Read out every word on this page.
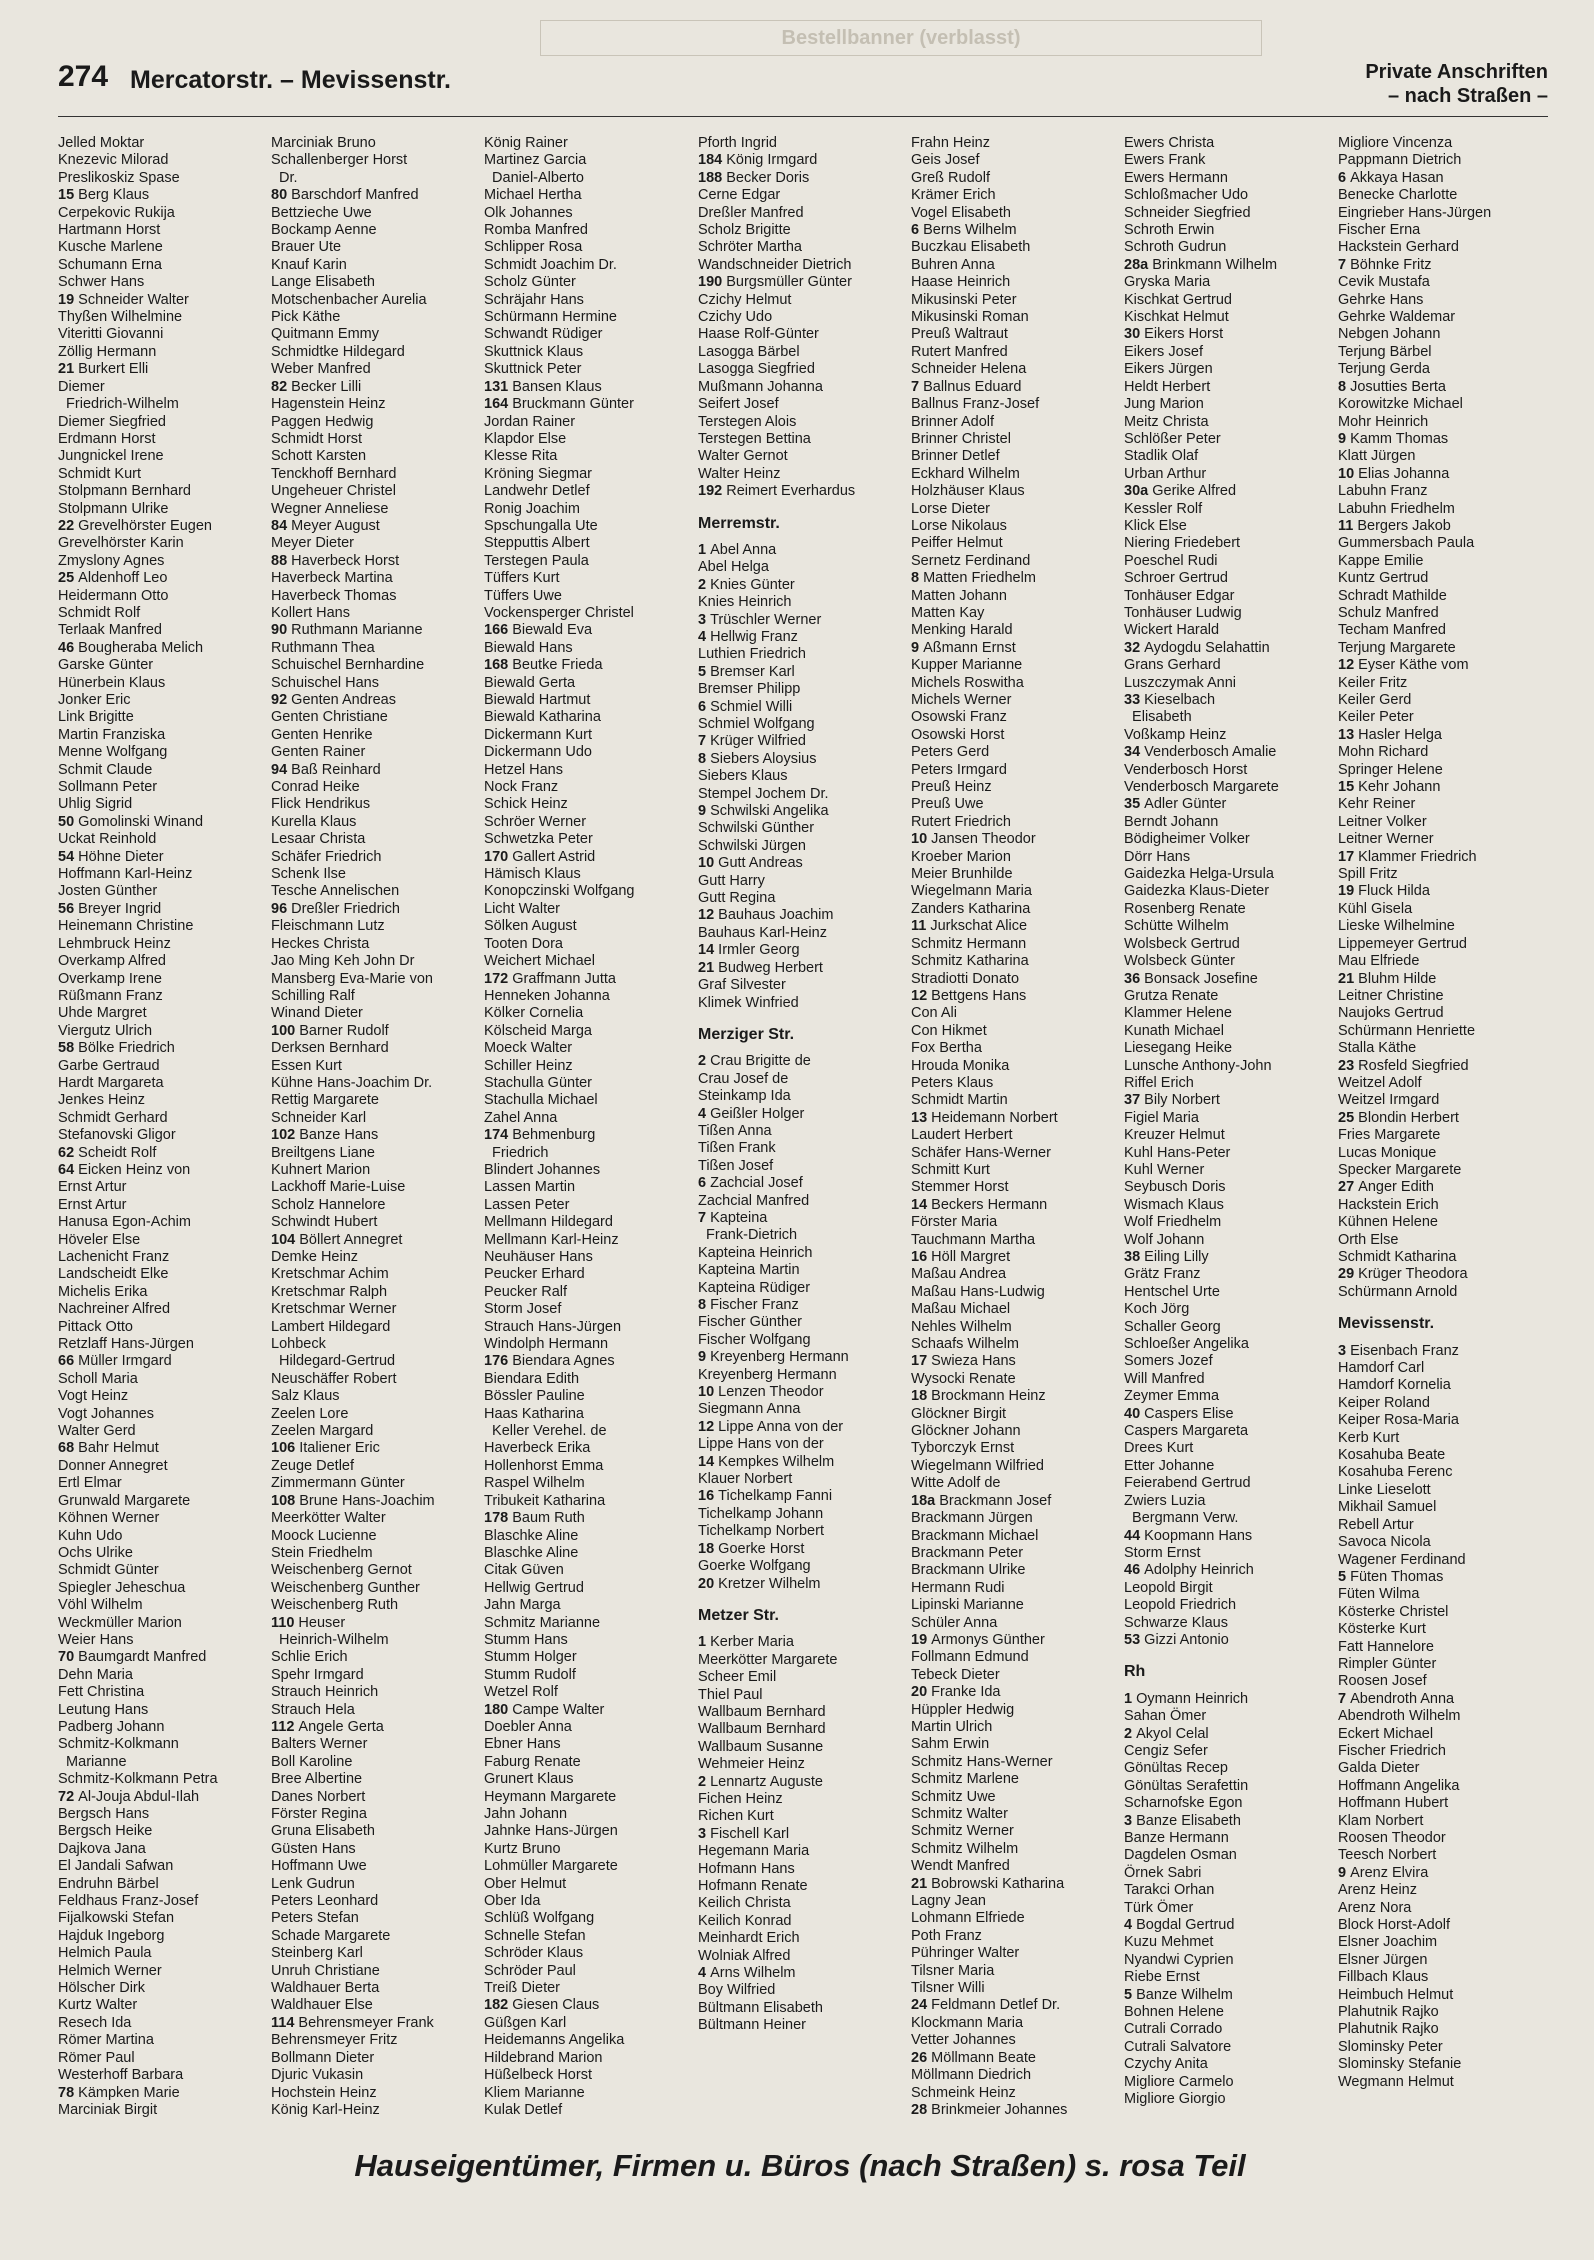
Bestellbanner (verblasst)
274 Mercatorstr. – Mevissenstr.	Private Anschriften
– nach Straßen –
Jelled Moktar
Knezevic Milorad
Preslikoskiz Spase
15 Berg Klaus
Cerpekovic Rukija
Hartmann Horst
Kusche Marlene
Schumann Erna
Schwer Hans
19 Schneider Walter
Thyßen Wilhelmine
Viteritti Giovanni
Zöllig Hermann
21 Burkert Elli
Diemer
Friedrich-Wilhelm
Diemer Siegfried
Erdmann Horst
Jungnickel Irene
Schmidt Kurt
Stolpmann Bernhard
Stolpmann Ulrike
22 Grevelhörster Eugen
Grevelhörster Karin
Zmyslony Agnes
25 Aldenhoff Leo
Heidermann Otto
Schmidt Rolf
Terlaak Manfred
46 Bougheraba Melich
Garske Günter
Hünerbein Klaus
Jonker Eric
Link Brigitte
Martin Franziska
Menne Wolfgang
Schmit Claude
Sollmann Peter
Uhlig Sigrid
50 Gomolinski Winand
Uckat Reinhold
54 Höhne Dieter
Hoffmann Karl-Heinz
Josten Günther
56 Breyer Ingrid
Heinemann Christine
Lehmbruck Heinz
Overkamp Alfred
Overkamp Irene
Rüßmann Franz
Uhde Margret
Viergutz Ulrich
58 Bölke Friedrich
Garbe Gertraud
Hardt Margareta
Jenkes Heinz
Schmidt Gerhard
Stefanovski Gligor
62 Scheidt Rolf
64 Eicken Heinz von
Ernst Artur
Ernst Artur
Hanusa Egon-Achim
Höveler Else
Lachenicht Franz
Landscheidt Elke
Michelis Erika
Nachreiner Alfred
Pittack Otto
Retzlaff Hans-Jürgen
66 Müller Irmgard
Scholl Maria
Vogt Heinz
Vogt Johannes
Walter Gerd
68 Bahr Helmut
Donner Annegret
Ertl Elmar
Grunwald Margarete
Köhnen Werner
Kuhn Udo
Ochs Ulrike
Schmidt Günter
Spiegler Jeheschua
Vöhl Wilhelm
Weckmüller Marion
Weier Hans
70 Baumgardt Manfred
Dehn Maria
Fett Christina
Leutung Hans
Padberg Johann
Schmitz-Kolkmann
Marianne
Schmitz-Kolkmann Petra
72 Al-Jouja Abdul-Ilah
Bergsch Hans
Bergsch Heike
Dajkova Jana
El Jandali Safwan
Endruhn Bärbel
Feldhaus Franz-Josef
Fijalkowski Stefan
Hajduk Ingeborg
Helmich Paula
Helmich Werner
Hölscher Dirk
Kurtz Walter
Resech Ida
Römer Martina
Römer Paul
Westerhoff Barbara
78 Kämpken Marie
Marciniak Birgit
Marciniak Bruno
Schallenberger Horst
Dr.
80 Barschdorf Manfred
Bettzieche Uwe
Bockamp Aenne
Brauer Ute
Knauf Karin
Lange Elisabeth
Motschenbacher Aurelia
Pick Käthe
Quitmann Emmy
Schmidtke Hildegard
Weber Manfred
82 Becker Lilli
Hagenstein Heinz
Paggen Hedwig
Schmidt Horst
Schott Karsten
Tenckhoff Bernhard
Ungeheuer Christel
Wegner Anneliese
84 Meyer August
Meyer Dieter
88 Haverbeck Horst
Haverbeck Martina
Haverbeck Thomas
Kollert Hans
90 Ruthmann Marianne
Ruthmann Thea
Schuischel Bernhardine
Schuischel Hans
92 Genten Andreas
Genten Christiane
Genten Henrike
Genten Rainer
94 Baß Reinhard
Conrad Heike
Flick Hendrikus
Kurella Klaus
Lesaar Christa
Schäfer Friedrich
Schenk Ilse
Tesche Annelischen
96 Dreßler Friedrich
Fleischmann Lutz
Heckes Christa
Jao Ming Keh John Dr
Mansberg Eva-Marie von
Schilling Ralf
Winand Dieter
100 Barner Rudolf
Derksen Bernhard
Essen Kurt
Kühne Hans-Joachim Dr.
Rettig Margarete
Schneider Karl
102 Banze Hans
Breiltgens Liane
Kuhnert Marion
Lackhoff Marie-Luise
Scholz Hannelore
Schwindt Hubert
104 Böllert Annegret
Demke Heinz
Kretschmar Achim
Kretschmar Ralph
Kretschmar Werner
Lambert Hildegard
Lohbeck
Hildegard-Gertrud
Neuschäffer Robert
Salz Klaus
Zeelen Lore
Zeelen Margard
106 Italiener Eric
Zeuge Detlef
Zimmermann Günter
108 Brune Hans-Joachim
Meerkötter Walter
Moock Lucienne
Stein Friedhelm
Weischenberg Gernot
Weischenberg Gunther
Weischenberg Ruth
110 Heuser
Heinrich-Wilhelm
Schlie Erich
Spehr Irmgard
Strauch Heinrich
Strauch Hela
112 Angele Gerta
Balters Werner
Boll Karoline
Bree Albertine
Danes Norbert
Förster Regina
Gruna Elisabeth
Güsten Hans
Hoffmann Uwe
Lenk Gudrun
Peters Leonhard
Peters Stefan
Schade Margarete
Steinberg Karl
Unruh Christiane
Waldhauer Berta
Waldhauer Else
114 Behrensmeyer Frank
Behrensmeyer Fritz
Bollmann Dieter
Djuric Vukasin
Hochstein Heinz
König Karl-Heinz
König Rainer
Martinez Garcia
Daniel-Alberto
Michael Hertha
Olk Johannes
Romba Manfred
Schlipper Rosa
Schmidt Joachim Dr.
Scholz Günter
Schräjahr Hans
Schürmann Hermine
Schwandt Rüdiger
Skuttnick Klaus
Skuttnick Peter
131 Bansen Klaus
164 Bruckmann Günter
Jordan Rainer
Klapdor Else
Klesse Rita
Kröning Siegmar
Landwehr Detlef
Ronig Joachim
Spschungalla Ute
Stepputtis Albert
Terstegen Paula
Tüffers Kurt
Tüffers Uwe
Vockensperger Christel
166 Biewald Eva
Biewald Hans
168 Beutke Frieda
Biewald Gerta
Biewald Hartmut
Biewald Katharina
Dickermann Kurt
Dickermann Udo
Hetzel Hans
Nock Franz
Schick Heinz
Schröer Werner
Schwetzka Peter
170 Gallert Astrid
Hämisch Klaus
Konopczinski Wolfgang
Licht Walter
Sölken August
Tooten Dora
Weichert Michael
172 Graffmann Jutta
Henneken Johanna
Kölker Cornelia
Kölscheid Marga
Moeck Walter
Schiller Heinz
Stachulla Günter
Stachulla Michael
Zahel Anna
174 Behmenburg
Friedrich
Blindert Johannes
Lassen Martin
Lassen Peter
Mellmann Hildegard
Mellmann Karl-Heinz
Neuhäuser Hans
Peucker Erhard
Peucker Ralf
Storm Josef
Strauch Hans-Jürgen
Windolph Hermann
176 Biendara Agnes
Biendara Edith
Bössler Pauline
Haas Katharina
Keller Verehel. de
Haverbeck Erika
Hollenhorst Emma
Raspel Wilhelm
Tribukeit Katharina
178 Baum Ruth
Blaschke Aline
Blaschke Aline
Citak Güven
Hellwig Gertrud
Jahn Marga
Schmitz Marianne
Stumm Hans
Stumm Holger
Stumm Rudolf
Wetzel Rolf
180 Campe Walter
Doebler Anna
Ebner Hans
Faburg Renate
Grunert Klaus
Heymann Margarete
Jahn Johann
Jahnke Hans-Jürgen
Kurtz Bruno
Lohmüller Margarete
Ober Helmut
Ober Ida
Schlüß Wolfgang
Schnelle Stefan
Schröder Klaus
Schröder Paul
Treiß Dieter
182 Giesen Claus
Güßgen Karl
Heidemanns Angelika
Hildebrand Marion
Hüßelbeck Horst
Kliem Marianne
Kulak Detlef
Pforth Ingrid
184 König Irmgard
188 Becker Doris
Cerne Edgar
Dreßler Manfred
Scholz Brigitte
Schröter Martha
Wandschneider Dietrich
190 Burgsmüller Günter
Czichy Helmut
Czichy Udo
Haase Rolf-Günter
Lasogga Bärbel
Lasogga Siegfried
Mußmann Johanna
Seifert Josef
Terstegen Alois
Terstegen Bettina
Walter Gernot
Walter Heinz
192 Reimert Everhardus
Merremstr.
1 Abel Anna
Abel Helga
2 Knies Günter
Knies Heinrich
3 Trüschler Werner
4 Hellwig Franz
Luthien Friedrich
5 Bremser Karl
Bremser Philipp
6 Schmiel Willi
Schmiel Wolfgang
7 Krüger Wilfried
8 Siebers Aloysius
Siebers Klaus
Stempel Jochem Dr.
9 Schwilski Angelika
Schwilski Günther
Schwilski Jürgen
10 Gutt Andreas
Gutt Harry
Gutt Regina
12 Bauhaus Joachim
Bauhaus Karl-Heinz
14 Irmler Georg
21 Budweg Herbert
Graf Silvester
Klimek Winfried
Merziger Str.
2 Crau Brigitte de
Crau Josef de
Steinkamp Ida
4 Geißler Holger
Tißen Anna
Tißen Frank
Tißen Josef
6 Zachcial Josef
Zachcial Manfred
7 Kapteina
Frank-Dietrich
Kapteina Heinrich
Kapteina Martin
Kapteina Rüdiger
8 Fischer Franz
Fischer Günther
Fischer Wolfgang
9 Kreyenberg Hermann
Kreyenberg Hermann
10 Lenzen Theodor
Siegmann Anna
12 Lippe Anna von der
Lippe Hans von der
14 Kempkes Wilhelm
Klauer Norbert
16 Tichelkamp Fanni
Tichelkamp Johann
Tichelkamp Norbert
18 Goerke Horst
Goerke Wolfgang
20 Kretzer Wilhelm
Metzer Str.
1 Kerber Maria
Meerkötter Margarete
Scheer Emil
Thiel Paul
Wallbaum Bernhard
Wallbaum Bernhard
Wallbaum Susanne
Wehmeier Heinz
2 Lennartz Auguste
Fichen Heinz
Richen Kurt
3 Fischell Karl
Hegemann Maria
Hofmann Hans
Hofmann Renate
Keilich Christa
Keilich Konrad
Meinhardt Erich
Wolniak Alfred
4 Arns Wilhelm
Boy Wilfried
Bültmann Elisabeth
Bültmann Heiner
Frahn Heinz
Geis Josef
Greß Rudolf
Krämer Erich
Vogel Elisabeth
6 Berns Wilhelm
Buczkau Elisabeth
Buhren Anna
Haase Heinrich
Mikusinski Peter
Mikusinski Roman
Preuß Waltraut
Rutert Manfred
Schneider Helena
7 Ballnus Eduard
Ballnus Franz-Josef
Brinner Adolf
Brinner Christel
Brinner Detlef
Eckhard Wilhelm
Holzhäuser Klaus
Lorse Dieter
Lorse Nikolaus
Peiffer Helmut
Sernetz Ferdinand
8 Matten Friedhelm
Matten Johann
Matten Kay
Menking Harald
9 Aßmann Ernst
Kupper Marianne
Michels Roswitha
Michels Werner
Osowski Franz
Osowski Horst
Peters Gerd
Peters Irmgard
Preuß Heinz
Preuß Uwe
Rutert Friedrich
10 Jansen Theodor
Kroeber Marion
Meier Brunhilde
Wiegelmann Maria
Zanders Katharina
11 Jurkschat Alice
Schmitz Hermann
Schmitz Katharina
Stradiotti Donato
12 Bettgens Hans
Con Ali
Con Hikmet
Fox Bertha
Hrouda Monika
Peters Klaus
Schmidt Martin
13 Heidemann Norbert
Laudert Herbert
Schäfer Hans-Werner
Schmitt Kurt
Stemmer Horst
14 Beckers Hermann
Förster Maria
Tauchmann Martha
16 Höll Margret
Maßau Andrea
Maßau Hans-Ludwig
Maßau Michael
Nehles Wilhelm
Schaafs Wilhelm
17 Swieza Hans
Wysocki Renate
18 Brockmann Heinz
Glöckner Birgit
Glöckner Johann
Tyborczyk Ernst
Wiegelmann Wilfried
Witte Adolf de
18a Brackmann Josef
Brackmann Jürgen
Brackmann Michael
Brackmann Peter
Brackmann Ulrike
Hermann Rudi
Lipinski Marianne
Schüler Anna
19 Armonys Günther
Follmann Edmund
Tebeck Dieter
20 Franke Ida
Hüppler Hedwig
Martin Ulrich
Sahm Erwin
Schmitz Hans-Werner
Schmitz Marlene
Schmitz Uwe
Schmitz Walter
Schmitz Werner
Schmitz Wilhelm
Wendt Manfred
21 Bobrowski Katharina
Lagny Jean
Lohmann Elfriede
Poth Franz
Pühringer Walter
Tilsner Maria
Tilsner Willi
24 Feldmann Detlef Dr.
Klockmann Maria
Vetter Johannes
26 Möllmann Beate
Möllmann Diedrich
Schmeink Heinz
28 Brinkmeier Johannes
Ewers Christa
Ewers Frank
Ewers Hermann
Schloßmacher Udo
Schneider Siegfried
Schroth Erwin
Schroth Gudrun
28a Brinkmann Wilhelm
Gryska Maria
Kischkat Gertrud
Kischkat Helmut
30 Eikers Horst
Eikers Josef
Eikers Jürgen
Heldt Herbert
Jung Marion
Meitz Christa
Schlößer Peter
Stadlik Olaf
Urban Arthur
30a Gerike Alfred
Kessler Rolf
Klick Else
Niering Friedebert
Poeschel Rudi
Schroer Gertrud
Tonhäuser Edgar
Tonhäuser Ludwig
Wickert Harald
32 Aydogdu Selahattin
Grans Gerhard
Luszczymak Anni
33 Kieselbach
Elisabeth
Voßkamp Heinz
34 Venderbosch Amalie
Venderbosch Horst
Venderbosch Margarete
35 Adler Günter
Berndt Johann
Bödigheimer Volker
Dörr Hans
Gaidezka Helga-Ursula
Gaidezka Klaus-Dieter
Rosenberg Renate
Schütte Wilhelm
Wolsbeck Gertrud
Wolsbeck Günter
36 Bonsack Josefine
Grutza Renate
Klammer Helene
Kunath Michael
Liesegang Heike
Lunsche Anthony-John
Riffel Erich
37 Bily Norbert
Figiel Maria
Kreuzer Helmut
Kuhl Hans-Peter
Kuhl Werner
Seybusch Doris
Wismach Klaus
Wolf Friedhelm
Wolf Johann
38 Eiling Lilly
Grätz Franz
Hentschel Urte
Koch Jörg
Schaller Georg
Schloeßer Angelika
Somers Jozef
Will Manfred
Zeymer Emma
40 Caspers Elise
Caspers Margareta
Drees Kurt
Etter Johanne
Feierabend Gertrud
Zwiers Luzia
Bergmann Verw.
44 Koopmann Hans
Storm Ernst
46 Adolphy Heinrich
Leopold Birgit
Leopold Friedrich
Schwarze Klaus
53 Gizzi Antonio
Rh
1 Oymann Heinrich
Sahan Ömer
2 Akyol Celal
Cengiz Sefer
Gönültas Recep
Gönültas Serafettin
Scharnofske Egon
3 Banze Elisabeth
Banze Hermann
Dagdelen Osman
Örnek Sabri
Tarakci Orhan
Türk Ömer
4 Bogdal Gertrud
Kuzu Mehmet
Nyandwi Cyprien
Riebe Ernst
5 Banze Wilhelm
Bohnen Helene
Cutrali Corrado
Cutrali Salvatore
Czychy Anita
Migliore Carmelo
Migliore Giorgio
Migliore Vincenza
Pappmann Dietrich
6 Akkaya Hasan
Benecke Charlotte
Eingrieber Hans-Jürgen
Fischer Erna
Hackstein Gerhard
7 Böhnke Fritz
Cevik Mustafa
Gehrke Hans
Gehrke Waldemar
Nebgen Johann
Terjung Bärbel
Terjung Gerda
8 Josutties Berta
Korowitzke Michael
Mohr Heinrich
9 Kamm Thomas
Klatt Jürgen
10 Elias Johanna
Labuhn Franz
Labuhn Friedhelm
11 Bergers Jakob
Gummersbach Paula
Kappe Emilie
Kuntz Gertrud
Schradt Mathilde
Schulz Manfred
Techam Manfred
Terjung Margarete
12 Eyser Käthe vom
Keiler Fritz
Keiler Gerd
Keiler Peter
13 Hasler Helga
Mohn Richard
Springer Helene
15 Kehr Johann
Kehr Reiner
Leitner Volker
Leitner Werner
17 Klammer Friedrich
Spill Fritz
19 Fluck Hilda
Kühl Gisela
Lieske Wilhelmine
Lippemeyer Gertrud
Mau Elfriede
21 Bluhm Hilde
Leitner Christine
Naujoks Gertrud
Schürmann Henriette
Stalla Käthe
23 Rosfeld Siegfried
Weitzel Adolf
Weitzel Irmgard
25 Blondin Herbert
Fries Margarete
Lucas Monique
Specker Margarete
27 Anger Edith
Hackstein Erich
Kühnen Helene
Orth Else
Schmidt Katharina
29 Krüger Theodora
Schürmann Arnold
Mevissenstr.
3 Eisenbach Franz
Hamdorf Carl
Hamdorf Kornelia
Keiper Roland
Keiper Rosa-Maria
Kerb Kurt
Kosahuba Beate
Kosahuba Ferenc
Linke Lieselott
Mikhail Samuel
Rebell Artur
Savoca Nicola
Wagener Ferdinand
5 Füten Thomas
Füten Wilma
Kösterke Christel
Kösterke Kurt
Fatt Hannelore
Rimpler Günter
Roosen Josef
7 Abendroth Anna
Abendroth Wilhelm
Eckert Michael
Fischer Friedrich
Galda Dieter
Hoffmann Angelika
Hoffmann Hubert
Klam Norbert
Roosen Theodor
Teesch Norbert
9 Arenz Elvira
Arenz Heinz
Arenz Nora
Block Horst-Adolf
Elsner Joachim
Elsner Jürgen
Fillbach Klaus
Heimbuch Helmut
Plahutnik Rajko
Plahutnik Rajko
Slominsky Peter
Slominsky Stefanie
Wegmann Helmut
Hauseigentümer, Firmen u. Büros (nach Straßen) s. rosa Teil
